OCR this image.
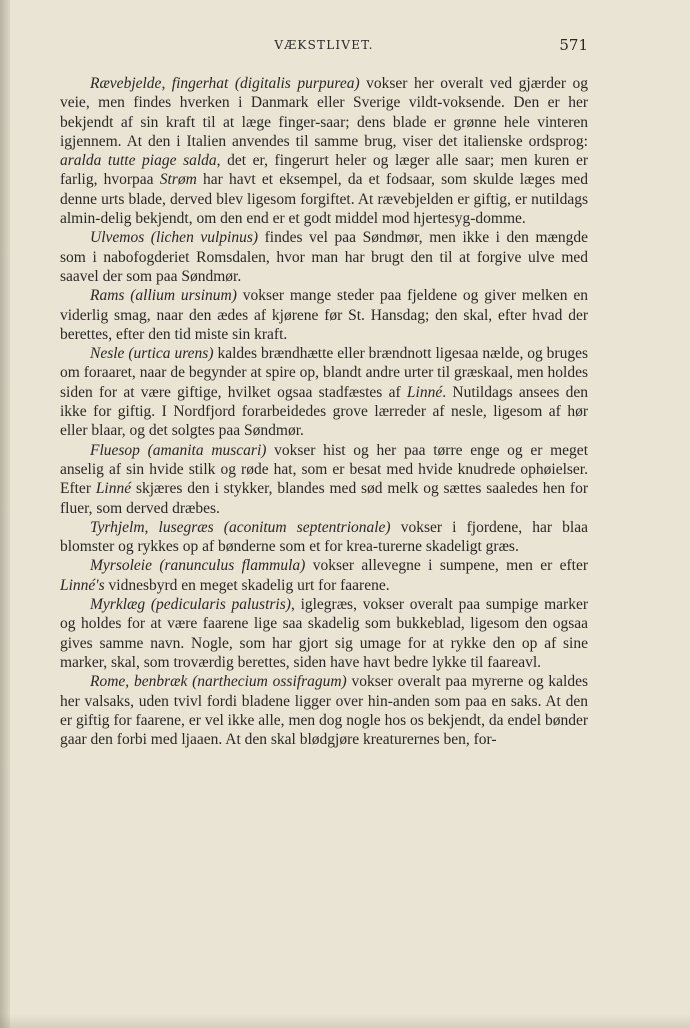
VÆKSTLIVET.	571

Rævebjelde, fingerhat (digitalis purpurea) vokser her overalt ved gjærder og veie, men findes hverken i Danmark eller Sverige vildt-voksende. Den er her bekjendt af sin kraft til at læge finger-saar; dens blade er grønne hele vinteren igjennem. At den i Italien anvendes til samme brug, viser det italienske ordsprog: aralda tutte piage salda, det er, fingerurt heler og læger alle saar; men kuren er farlig, hvorpaa Strøm har havt et eksempel, da et fodsaar, som skulde læges med denne urts blade, derved blev ligesom forgiftet. At rævebjelden er giftig, er nutildags almin-delig bekjendt, om den end er et godt middel mod hjertesyg-domme.

Ulvemos (lichen vulpinus) findes vel paa Søndmør, men ikke i den mængde som i nabofogderiet Romsdalen, hvor man har brugt den til at forgive ulve med saavel der som paa Søndmør.

Rams (allium ursinum) vokser mange steder paa fjeldene og giver melken en viderlig smag, naar den ædes af kjørene før St. Hansdag; den skal, efter hvad der berettes, efter den tid miste sin kraft.

Nesle (urtica urens) kaldes brændhætte eller brændnott ligesaa nælde, og bruges om foraaret, naar de begynder at spire op, blandt andre urter til græskaal, men holdes siden for at være giftige, hvilket ogsaa stadfæstes af Linné. Nutildags ansees den ikke for giftig. I Nordfjord forarbeidedes grove lærreder af nesle, ligesom af hør eller blaar, og det solgtes paa Søndmør.

Fluesop (amanita muscari) vokser hist og her paa tørre enge og er meget anselig af sin hvide stilk og røde hat, som er besat med hvide knudrede ophøielser. Efter Linné skjæres den i stykker, blandes med sød melk og sættes saaledes hen for fluer, som derved dræbes.

Tyrhjelm, lusegræs (aconitum septentrionale) vokser i fjordene, har blaa blomster og rykkes op af bønderne som et for krea-turerne skadeligt græs.

Myrsoleie (ranunculus flammula) vokser allevegne i sumpene, men er efter Linné's vidnesbyrd en meget skadelig urt for faarene.

Myrklæg (pedicularis palustris), iglegræs, vokser overalt paa sumpige marker og holdes for at være faarene lige saa skadelig som bukkeblad, ligesom den ogsaa gives samme navn. Nogle, som har gjort sig umage for at rykke den op af sine marker, skal, som troværdig berettes, siden have havt bedre lykke til faareavl.

Rome, benbræk (narthecium ossifragum) vokser overalt paa myrerne og kaldes her valsaks, uden tvivl fordi bladene ligger over hin-anden som paa en saks. At den er giftig for faarene, er vel ikke alle, men dog nogle hos os bekjendt, da endel bønder gaar den forbi med ljaaen. At den skal blødgjøre kreaturernes ben, for-
